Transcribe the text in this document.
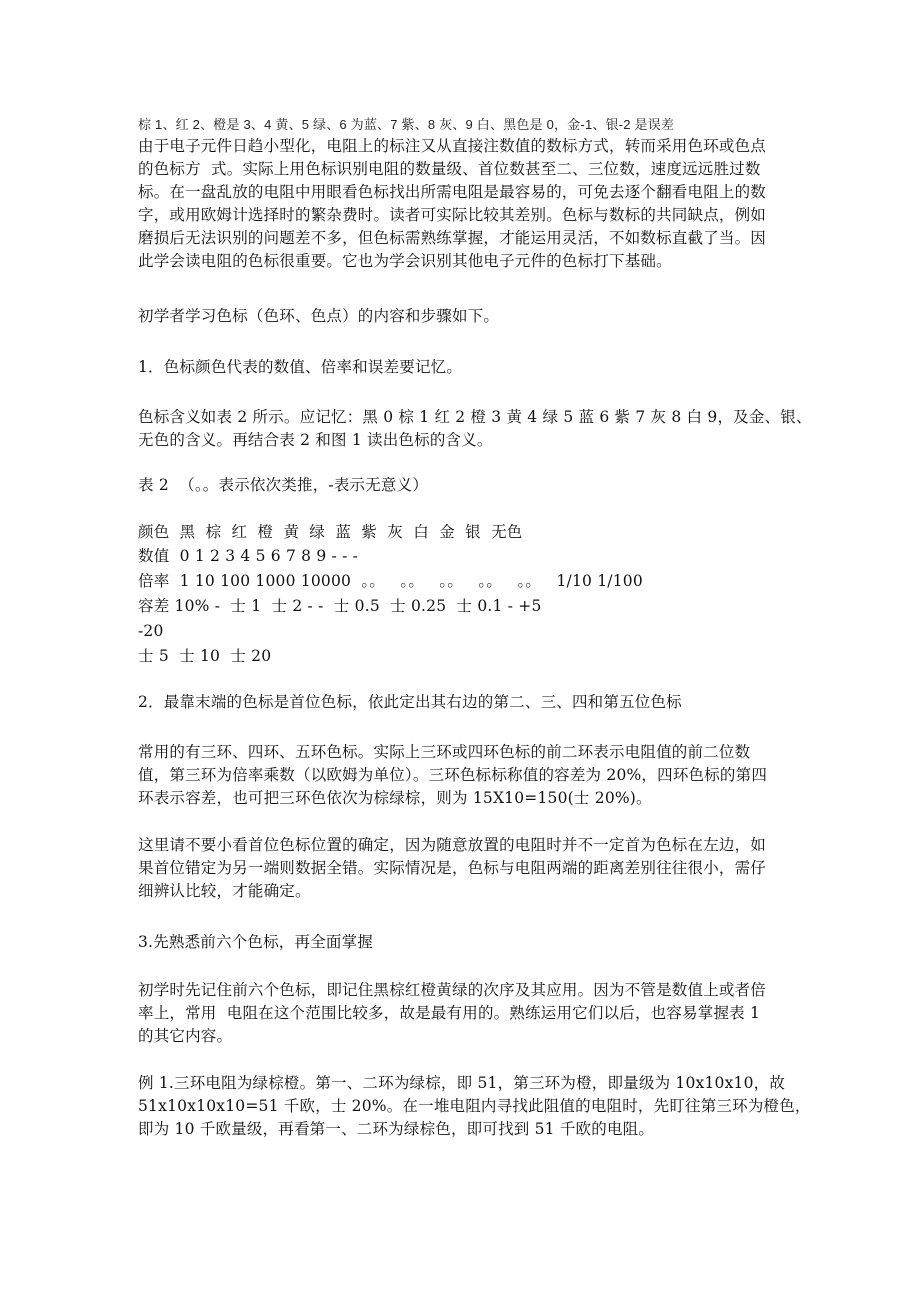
棕 1、红 2、橙是 3、4 黄、5 绿、6 为蓝、7 紫、8 灰、9 白、黑色是 0，金-1、银-2 是误差
由于电子元件日趋小型化，电阻上的标注又从直接注数值的数标方式，转而采用色环或色点
的色标方  式。实际上用色标识别电阻的数量级、首位数甚至二、三位数，速度远远胜过数
标。在一盘乱放的电阻中用眼看色标找出所需电阻是最容易的，可免去逐个翻看电阻上的数
字，或用欧姆计选择时的繁杂费时。读者可实际比较其差别。色标与数标的共同缺点，例如
磨损后无法识别的问题差不多，但色标需熟练掌握，才能运用灵活，不如数标直截了当。因
此学会读电阻的色标很重要。它也为学会识别其他电子元件的色标打下基础。
初学者学习色标（色环、色点）的内容和步骤如下。
1．色标颜色代表的数值、倍率和误差要记忆。
色标含义如表 2 所示。应记忆：黑 0 棕 1 红 2 橙 3 黄 4 绿 5 蓝 6 紫 7 灰 8 白 9，及金、银、
无色的含义。再结合表 2 和图 1 读出色标的含义。
表 2  （。。表示依次类推，-表示无意义）
颜色  黑  棕  红  橙  黄  绿  蓝  紫  灰  白  金  银  无色
数值  0 1 2 3 4 5 6 7 8 9 - - -
倍率  1 10 100 1000 10000  。。   。。   。。   。。   。。   1/10 1/100
容差 10% -  士 1  士 2 - -  士 0.5  士 0.25  士 0.1 - +5
-20
士 5  士 10  士 20
2．最靠末端的色标是首位色标，依此定出其右边的第二、三、四和第五位色标
常用的有三环、四环、五环色标。实际上三环或四环色标的前二环表示电阻值的前二位数
值，第三环为倍率乘数（以欧姆为单位）。三环色标标称值的容差为 20%，四环色标的第四
环表示容差，也可把三环色依次为棕绿棕，则为 15X10=150(士 20%)。
这里请不要小看首位色标位置的确定，因为随意放置的电阻时并不一定首为色标在左边，如
果首位错定为另一端则数据全错。实际情况是，色标与电阻两端的距离差别往往很小，需仔
细辨认比较，才能确定。
3.先熟悉前六个色标，再全面掌握
初学时先记住前六个色标，即记住黑棕红橙黄绿的次序及其应用。因为不管是数值上或者倍
率上，常用  电阻在这个范围比较多，故是最有用的。熟练运用它们以后，也容易掌握表 1
的其它内容。
例 1.三环电阻为绿棕橙。第一、二环为绿棕，即 51，第三环为橙，即量级为 10x10x10，故
51x10x10x10=51 千欧，士 20%。在一堆电阻内寻找此阻值的电阻时，先盯往第三环为橙色，
即为 10 千欧量级，再看第一、二环为绿棕色，即可找到 51 千欧的电阻。
